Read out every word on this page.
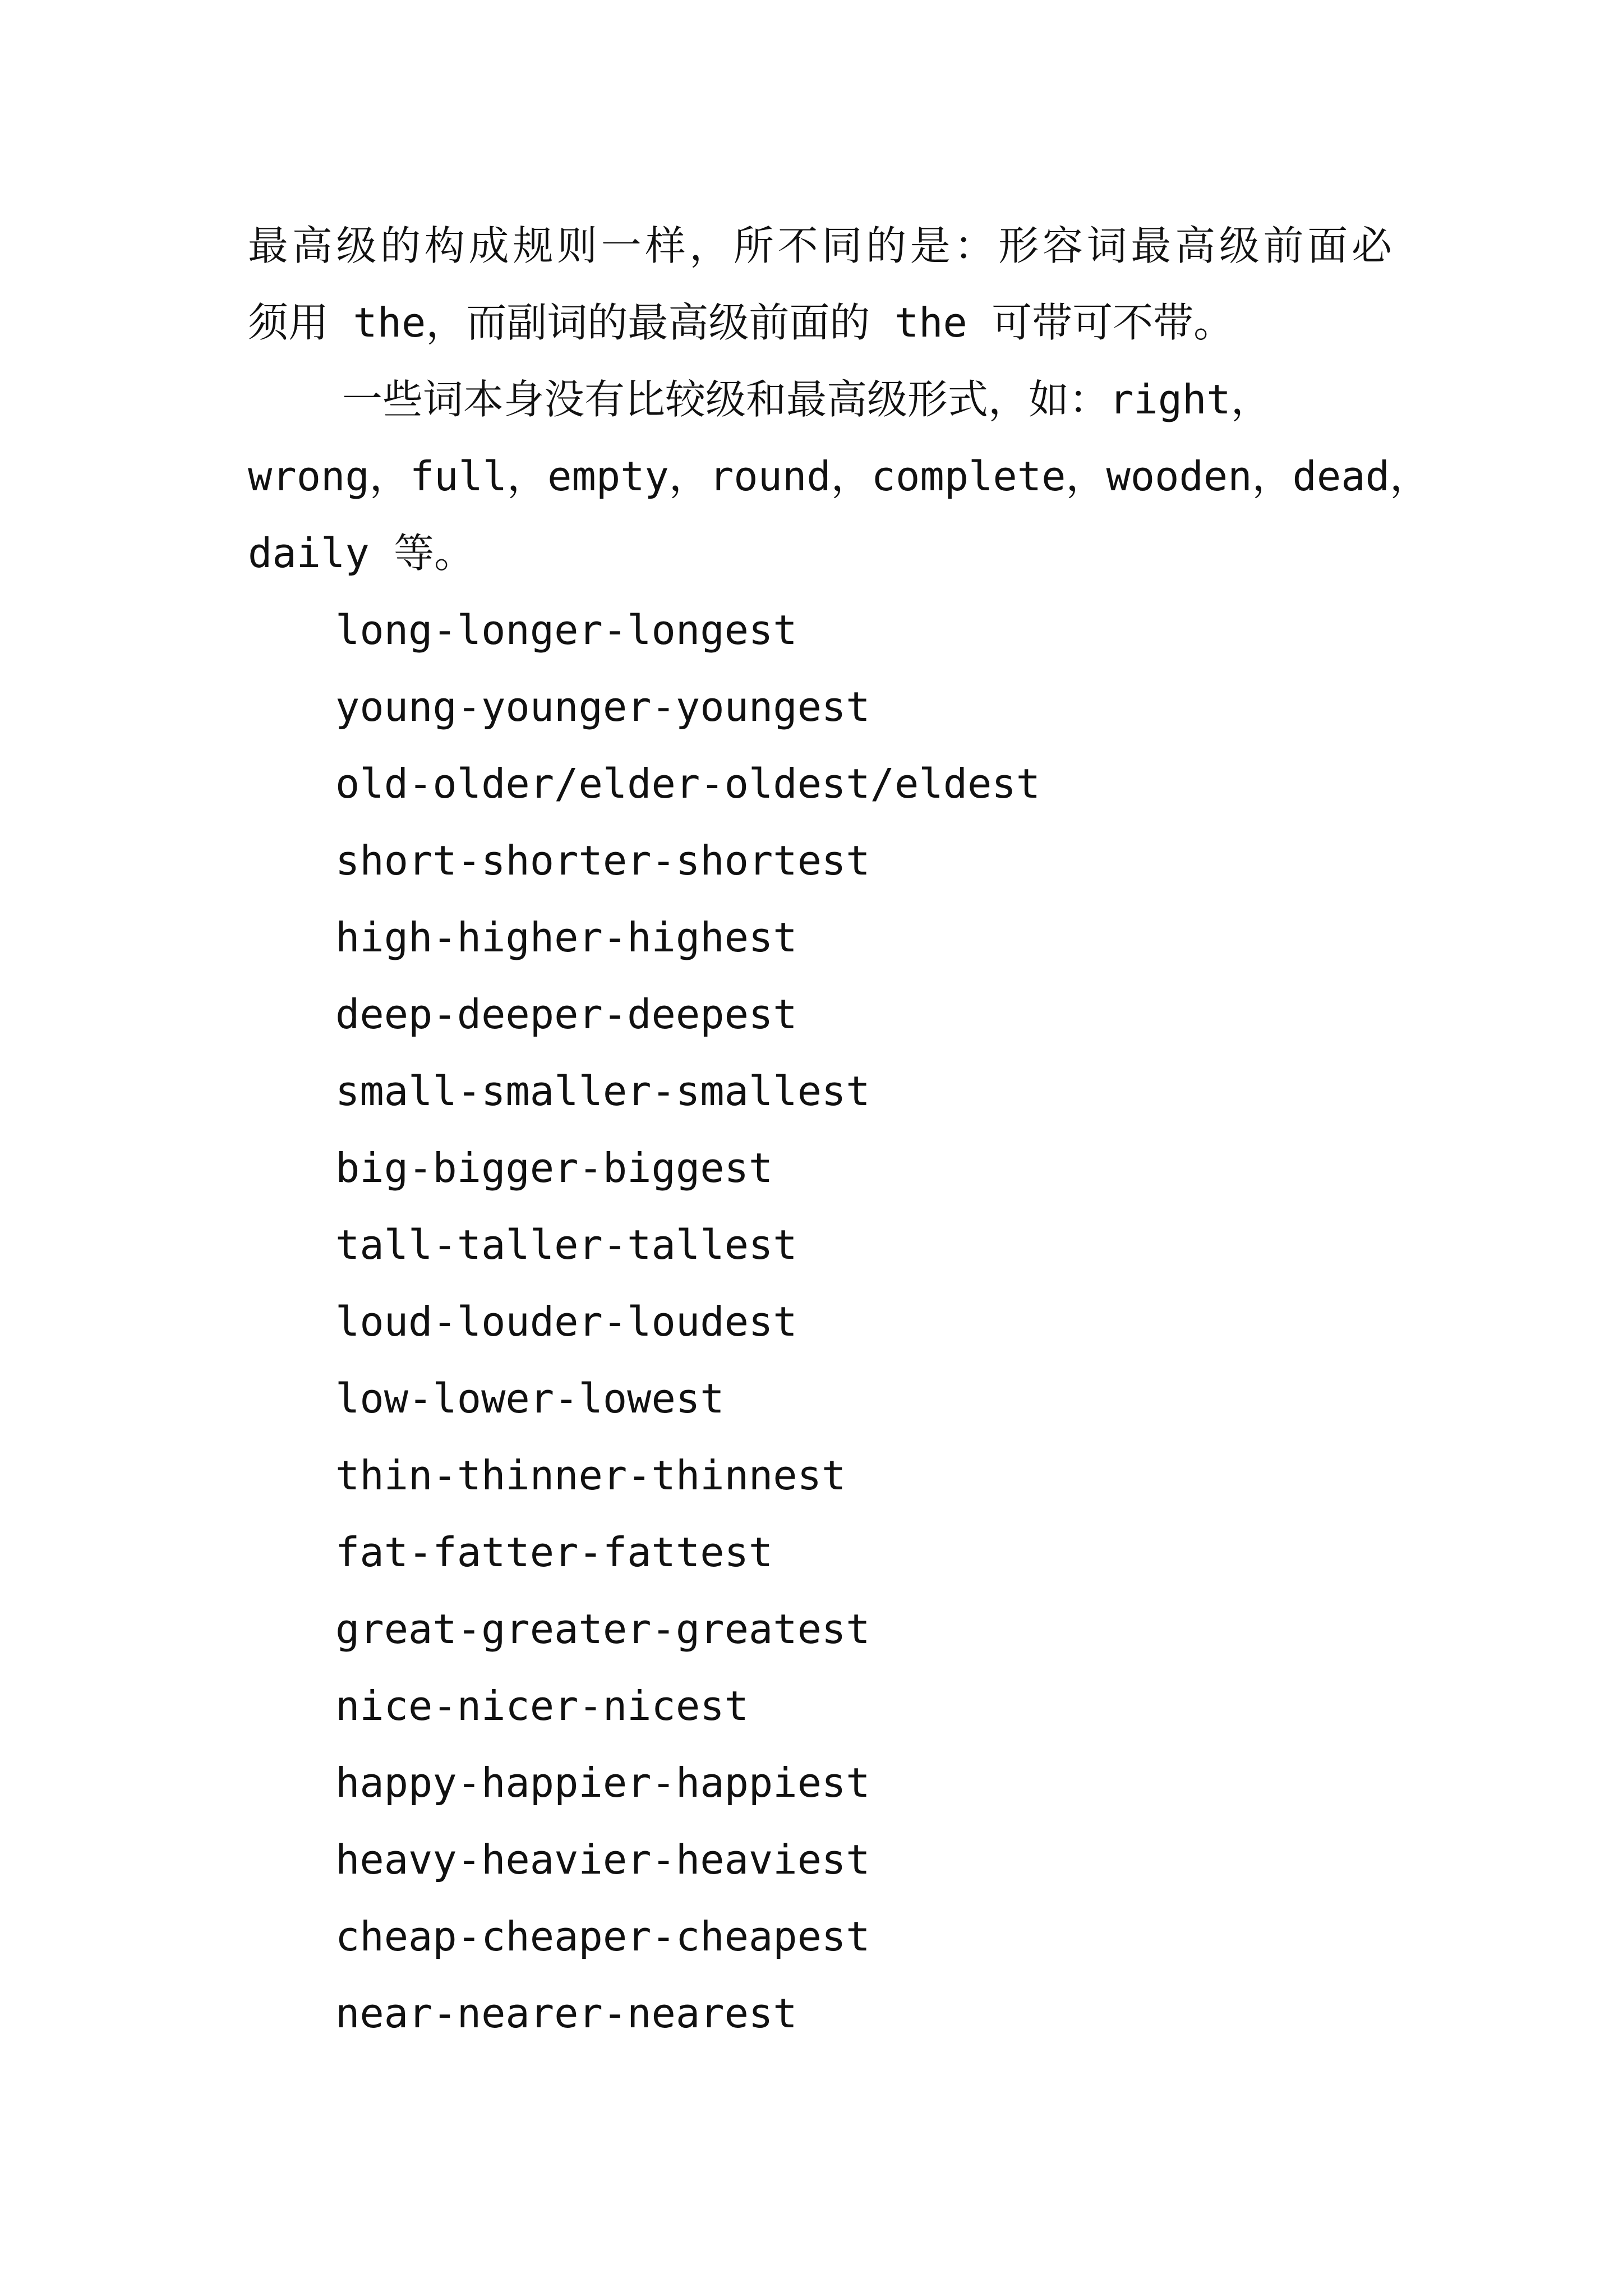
最 高 级 的 构 成 规 则 一 样 ， 所 不 同 的 是 ： 形 容 词 最 高 级 前 面 必
须用 the，而副词的最高级前面的 the 可带可不带。
一些词本身没有比较级和最高级形式，如：right，
wrong， full， empty， round， complete， wooden， dead，
daily 等。
long-longer-longest
young-younger-youngest
old-older/elder-oldest/eldest
short-shorter-shortest
high-higher-highest
deep-deeper-deepest
small-smaller-smallest
big-bigger-biggest
tall-taller-tallest
loud-louder-loudest
low-lower-lowest
thin-thinner-thinnest
fat-fatter-fattest
great-greater-greatest
nice-nicer-nicest
happy-happier-happiest
heavy-heavier-heaviest
cheap-cheaper-cheapest
near-nearer-nearest
